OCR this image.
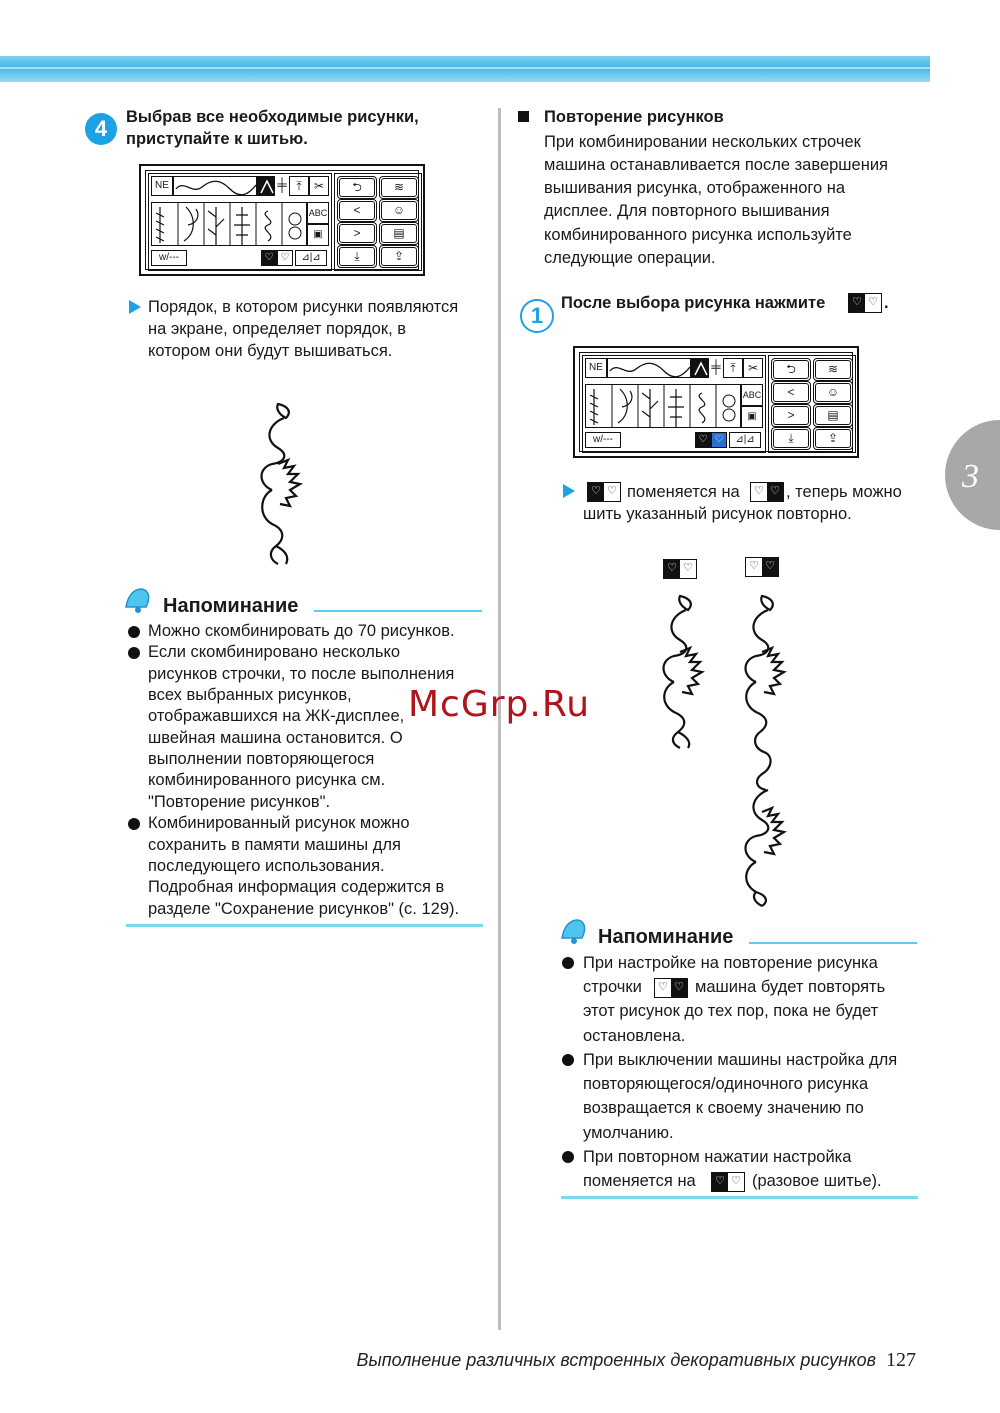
3
4	Выбрав все необходимые рисунки,
приступайте к шитью.
NE	╪ ⤒	✂
ABC
▣
w/---	♡ ♡	⊿|⊿
⮌	≋
<	☺
>	▤
⤓	⇪
Порядок, в котором рисунки появляются
на экране, определяет порядок, в
котором они будут вышиваться.
Напоминание
Можно скомбинировать до 70 рисунков.
Если скомбинировано несколько
рисунков строчки, то после выполнения
всех выбранных рисунков,
отображавшихся на ЖК-дисплее,
швейная машина остановится. О
выполнении повторяющегося
комбинированного рисунка см.
"Повторение рисунков".
Комбинированный рисунок можно
сохранить в памяти машины для
последующего использования.
Подробная информация содержится в
разделе "Сохранение рисунков" (с. 129).
Повторение рисунков
При комбинировании нескольких строчек
машина останавливается после завершения
вышивания рисунка, отображенного на
дисплее. Для повторного вышивания
комбинированного рисунка используйте
следующие операции.
1	После выбора рисунка нажмите ♡ ♡ .
NE	╪ ⤒	✂
ABC
▣
w/---	♡ ♡	⊿|⊿
⮌	≋
<	☺
>	▤
⤓	⇪
♡ ♡ поменяется на ♡ ♡ , теперь можно
шить указанный рисунок повторно.
♡ ♡	♡ ♡
Напоминание
При настройке на повторение рисунка
строчки ♡ ♡ машина будет повторять
этот рисунок до тех пор, пока не будет
остановлена.
При выключении машины настройка для
повторяющегося/одиночного рисунка
возвращается к своему значению по
умолчанию.
При повторном нажатии настройка
поменяется на ♡ ♡ (разовое шитье).
McGrp.Ru
Выполнение различных встроенных декоративных рисунков 127
